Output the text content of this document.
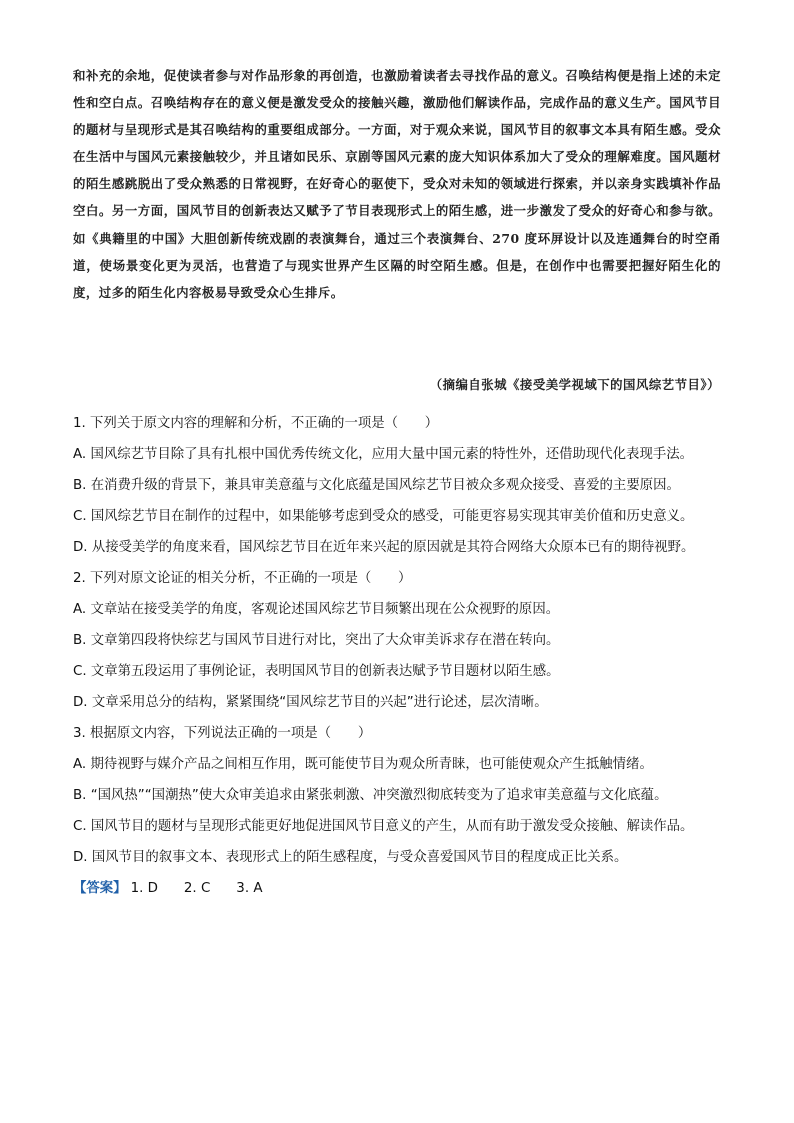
和补充的余地，促使读者参与对作品形象的再创造，也激励着读者去寻找作品的意义。召唤结构便是指上述的未定性和空白点。召唤结构存在的意义便是激发受众的接触兴趣，激励他们解读作品，完成作品的意义生产。国风节目的题材与呈现形式是其召唤结构的重要组成部分。一方面，对于观众来说，国风节目的叙事文本具有陌生感。受众在生活中与国风元素接触较少，并且诸如民乐、京剧等国风元素的庞大知识体系加大了受众的理解难度。国风题材的陌生感跳脱出了受众熟悉的日常视野，在好奇心的驱使下，受众对未知的领域进行探索，并以亲身实践填补作品空白。另一方面，国风节目的创新表达又赋予了节目表现形式上的陌生感，进一步激发了受众的好奇心和参与欲。如《典籍里的中国》大胆创新传统戏剧的表演舞台，通过三个表演舞台、270 度环屏设计以及连通舞台的时空甬道，使场景变化更为灵活，也营造了与现实世界产生区隔的时空陌生感。但是，在创作中也需要把握好陌生化的度，过多的陌生化内容极易导致受众心生排斥。
（摘编自张城《接受美学视域下的国风综艺节目》）

1. 下列关于原文内容的理解和分析，不正确的一项是（　　）

A. 国风综艺节目除了具有扎根中国优秀传统文化，应用大量中国元素的特性外，还借助现代化表现手法。

B. 在消费升级的背景下，兼具审美意蕴与文化底蕴是国风综艺节目被众多观众接受、喜爱的主要原因。

C. 国风综艺节目在制作的过程中，如果能够考虑到受众的感受，可能更容易实现其审美价值和历史意义。

D. 从接受美学的角度来看，国风综艺节目在近年来兴起的原因就是其符合网络大众原本已有的期待视野。

2. 下列对原文论证的相关分析，不正确的一项是（　　）

A. 文章站在接受美学的角度，客观论述国风综艺节目频繁出现在公众视野的原因。

B. 文章第四段将快综艺与国风节目进行对比，突出了大众审美诉求存在潜在转向。

C. 文章第五段运用了事例论证，表明国风节目的创新表达赋予节目题材以陌生感。

D. 文章采用总分的结构，紧紧围绕“国风综艺节目的兴起”进行论述，层次清晰。

3. 根据原文内容，下列说法正确的一项是（　　）

A. 期待视野与媒介产品之间相互作用，既可能使节目为观众所青睐，也可能使观众产生抵触情绪。

B. “国风热”“国潮热”使大众审美追求由紧张刺激、冲突激烈彻底转变为了追求审美意蕴与文化底蕴。

C. 国风节目的题材与呈现形式能更好地促进国风节目意义的产生，从而有助于激发受众接触、解读作品。

D. 国风节目的叙事文本、表现形式上的陌生感程度，与受众喜爱国风节目的程度成正比关系。

【答案】 1. D 2. C 3. A
